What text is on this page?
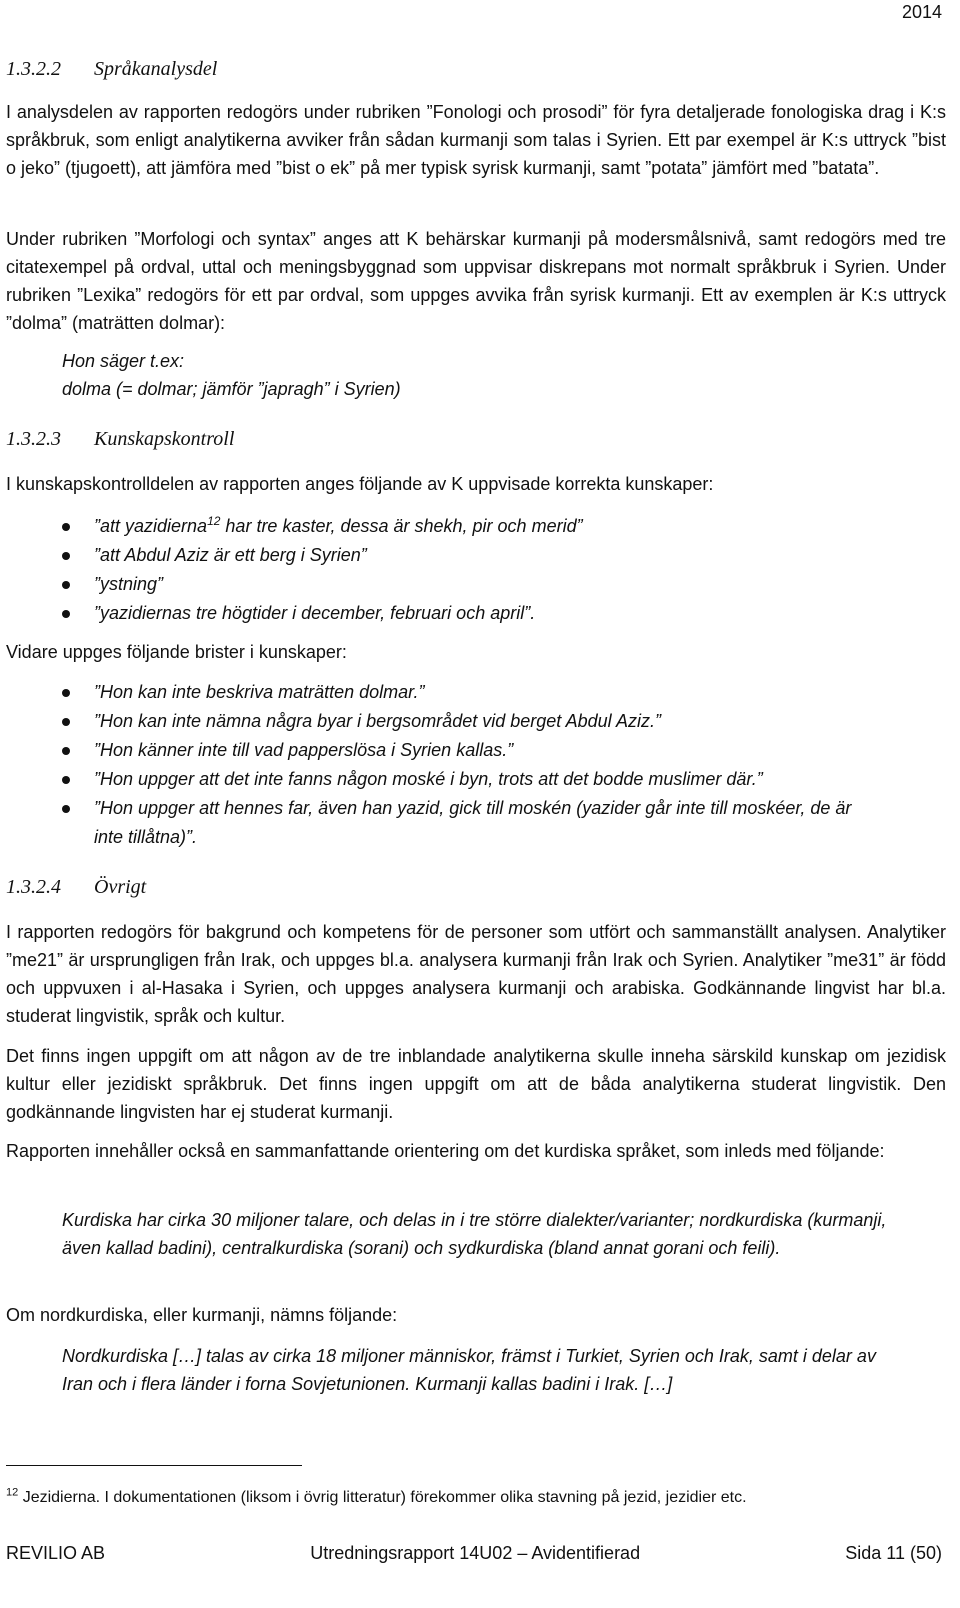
2014
1.3.2.2 Språkanalysdel

I analysdelen av rapporten redogörs under rubriken ”Fonologi och prosodi” för fyra detaljerade fonologiska drag i K:s språkbruk, som enligt analytikerna avviker från sådan kurmanji som talas i Syrien. Ett par exempel är K:s uttryck ”bist o jeko” (tjugoett), att jämföra med ”bist o ek” på mer typisk syrisk kurmanji, samt ”potata” jämfört med ”batata”.

Under rubriken ”Morfologi och syntax” anges att K behärskar kurmanji på modersmålsnivå, samt redogörs med tre citatexempel på ordval, uttal och meningsbyggnad som uppvisar diskrepans mot normalt språkbruk i Syrien. Under rubriken ”Lexika” redogörs för ett par ordval, som uppges avvika från syrisk kurmanji. Ett av exemplen är K:s uttryck ”dolma” (maträtten dolmar):

Hon säger t.ex:

dolma (= dolmar; jämför ”japragh” i Syrien)

1.3.2.3 Kunskapskontroll

I kunskapskontrolldelen av rapporten anges följande av K uppvisade korrekta kunskaper:

”att yazidierna$^{12}$ har tre kaster, dessa är shekh, pir och merid”
”att Abdul Aziz är ett berg i Syrien”
”ystning”
”yazidiernas tre högtider i december, februari och april”.

Vidare uppges följande brister i kunskaper:

”Hon kan inte beskriva maträtten dolmar.”
”Hon kan inte nämna några byar i bergsområdet vid berget Abdul Aziz.”
”Hon känner inte till vad papperslösa i Syrien kallas.”
”Hon uppger att det inte fanns någon moské i byn, trots att det bodde muslimer där.”
”Hon uppger att hennes far, även han yazid, gick till moskén (yazider går inte till moskéer, de är inte tillåtna)”.
1.3.2.4 Övrigt

I rapporten redogörs för bakgrund och kompetens för de personer som utfört och sammanställt analysen. Analytiker ”me21” är ursprungligen från Irak, och uppges bl.a. analysera kurmanji från Irak och Syrien. Analytiker ”me31” är född och uppvuxen i al-Hasaka i Syrien, och uppges analysera kurmanji och arabiska. Godkännande lingvist har bl.a. studerat lingvistik, språk och kultur.

Det finns ingen uppgift om att någon av de tre inblandade analytikerna skulle inneha särskild kunskap om jezidisk kultur eller jezidiskt språkbruk. Det finns ingen uppgift om att de båda analytikerna studerat lingvistik. Den godkännande lingvisten har ej studerat kurmanji.

Rapporten innehåller också en sammanfattande orientering om det kurdiska språket, som inleds med följande:

Kurdiska har cirka 30 miljoner talare, och delas in i tre större dialekter/varianter; nordkurdiska (kurmanji, även kallad badini), centralkurdiska (sorani) och sydkurdiska (bland annat gorani och feili).

Om nordkurdiska, eller kurmanji, nämns följande:

Nordkurdiska […] talas av cirka 18 miljoner människor, främst i Turkiet, Syrien och Irak, samt i delar av Iran och i flera länder i forna Sovjetunionen. Kurmanji kallas badini i Irak. […]

$^{12}$ Jezidierna. I dokumentationen (liksom i övrig litteratur) förekommer olika stavning på jezid, jezidier etc.
REVILIO AB	Utredningsrapport 14U02 – Avidentifierad	Sida 11 (50)
